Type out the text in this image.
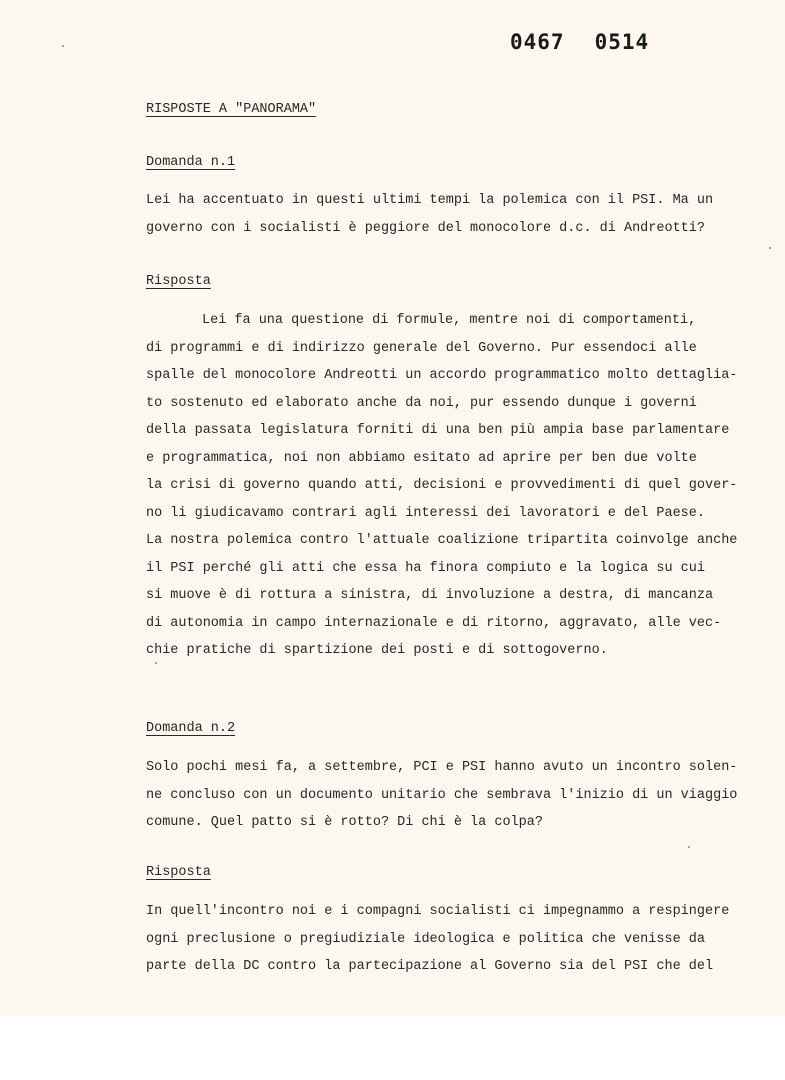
0467 0514
RISPOSTE A "PANORAMA"
Domanda n.1
Lei ha accentuato in questi ultimi tempi la polemica con il PSI. Ma un
governo con i socialisti è peggiore del monocolore d.c. di Andreotti?
Risposta
Lei fa una questione di formule, mentre noi di comportamenti,
di programmi e di indirizzo generale del Governo. Pur essendoci alle
spalle del monocolore Andreotti un accordo programmatico molto dettaglia-
to sostenuto ed elaborato anche da noi, pur essendo dunque i governi
della passata legislatura forniti di una ben più ampia base parlamentare
e programmatica, noi non abbiamo esitato ad aprire per ben due volte
la crisi di governo quando atti, decisioni e provvedimenti di quel gover-
no li giudicavamo contrari agli interessi dei lavoratori e del Paese.
La nostra polemica contro l'attuale coalizione tripartita coinvolge anche
il PSI perché gli atti che essa ha finora compiuto e la logica su cui
si muove è di rottura a sinistra, di involuzione a destra, di mancanza
di autonomia in campo internazionale e di ritorno, aggravato, alle vec-
chie pratiche di spartizione dei posti e di sottogoverno.
Domanda n.2
Solo pochi mesi fa, a settembre, PCI e PSI hanno avuto un incontro solen-
ne concluso con un documento unitario che sembrava l'inizio di un viaggio
comune. Quel patto si è rotto? Di chi è la colpa?
Risposta
In quell'incontro noi e i compagni socialisti ci impegnammo a respingere
ogni preclusione o pregiudiziale ideologica e politica che venisse da
parte della DC contro la partecipazione al Governo sia del PSI che del
